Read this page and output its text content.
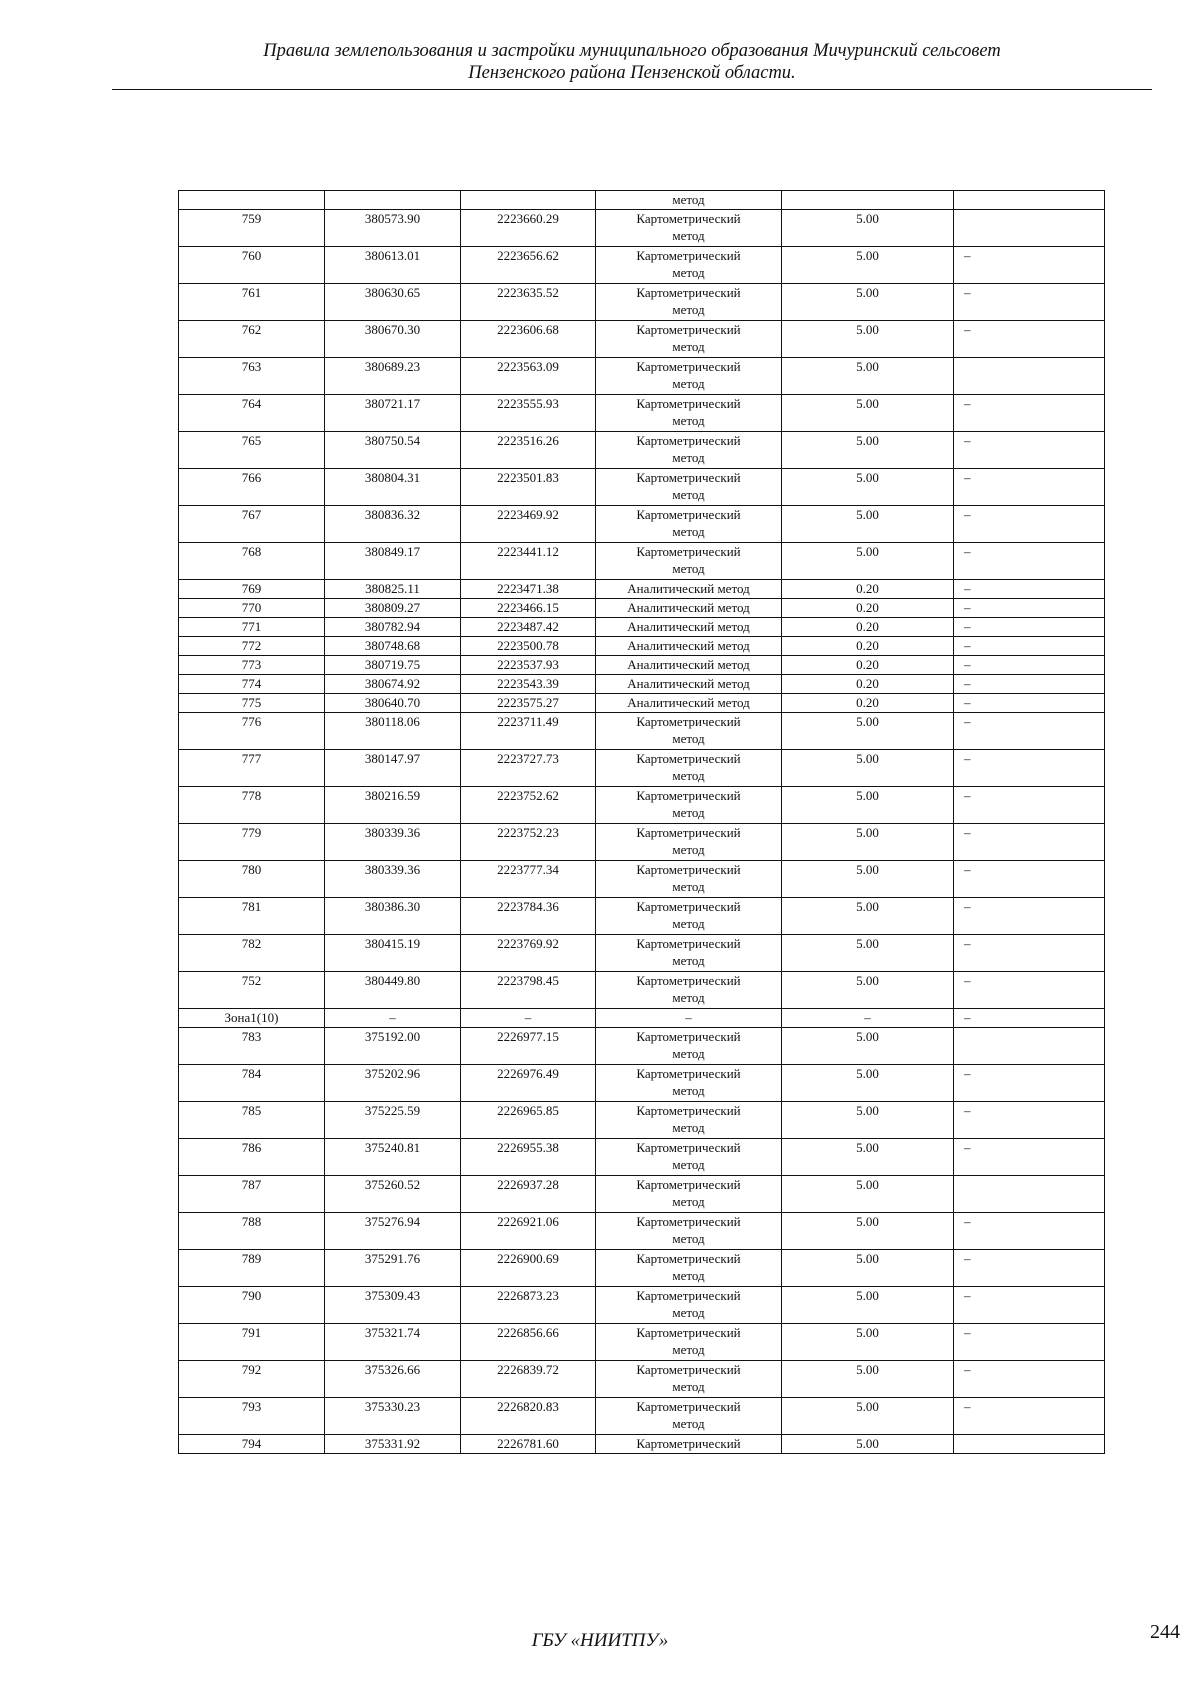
Правила землепользования и застройки муниципального образования Мичуринский сельсовет
Пензенского района Пензенской области.
			метод		
759	380573.90	2223660.29	Картометрический
метод	5.00	
760	380613.01	2223656.62	Картометрический
метод	5.00	–
761	380630.65	2223635.52	Картометрический
метод	5.00	–
762	380670.30	2223606.68	Картометрический
метод	5.00	–
763	380689.23	2223563.09	Картометрический
метод	5.00	
764	380721.17	2223555.93	Картометрический
метод	5.00	–
765	380750.54	2223516.26	Картометрический
метод	5.00	–
766	380804.31	2223501.83	Картометрический
метод	5.00	–
767	380836.32	2223469.92	Картометрический
метод	5.00	–
768	380849.17	2223441.12	Картометрический
метод	5.00	–
769	380825.11	2223471.38	Аналитический метод	0.20	–
770	380809.27	2223466.15	Аналитический метод	0.20	–
771	380782.94	2223487.42	Аналитический метод	0.20	–
772	380748.68	2223500.78	Аналитический метод	0.20	–
773	380719.75	2223537.93	Аналитический метод	0.20	–
774	380674.92	2223543.39	Аналитический метод	0.20	–
775	380640.70	2223575.27	Аналитический метод	0.20	–
776	380118.06	2223711.49	Картометрический
метод	5.00	–
777	380147.97	2223727.73	Картометрический
метод	5.00	–
778	380216.59	2223752.62	Картометрический
метод	5.00	–
779	380339.36	2223752.23	Картометрический
метод	5.00	–
780	380339.36	2223777.34	Картометрический
метод	5.00	–
781	380386.30	2223784.36	Картометрический
метод	5.00	–
782	380415.19	2223769.92	Картометрический
метод	5.00	–
752	380449.80	2223798.45	Картометрический
метод	5.00	–
Зона1(10)	–	–	–	–	–
783	375192.00	2226977.15	Картометрический
метод	5.00	
784	375202.96	2226976.49	Картометрический
метод	5.00	–
785	375225.59	2226965.85	Картометрический
метод	5.00	–
786	375240.81	2226955.38	Картометрический
метод	5.00	–
787	375260.52	2226937.28	Картометрический
метод	5.00	
788	375276.94	2226921.06	Картометрический
метод	5.00	–
789	375291.76	2226900.69	Картометрический
метод	5.00	–
790	375309.43	2226873.23	Картометрический
метод	5.00	–
791	375321.74	2226856.66	Картометрический
метод	5.00	–
792	375326.66	2226839.72	Картометрический
метод	5.00	–
793	375330.23	2226820.83	Картометрический
метод	5.00	–
794	375331.92	2226781.60	Картометрический	5.00	
ГБУ «НИИТПУ»	244
